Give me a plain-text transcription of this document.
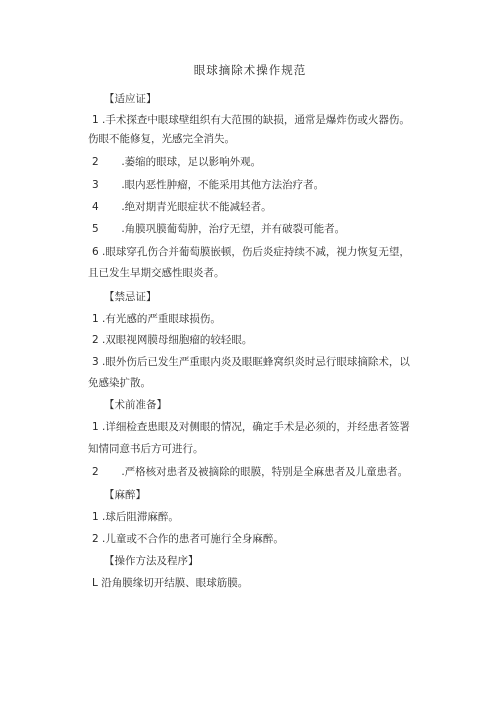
眼球摘除术操作规范
【适应证】
1 .手术探查中眼球壁组织有大范围的缺损，通常是爆炸伤或火器伤。
伤眼不能修复，光感完全消失。
2 .萎缩的眼球，足以影响外观。
3 .眼内恶性肿瘤，不能采用其他方法治疗者。
4 .绝对期青光眼症状不能减轻者。
5 .角膜巩膜葡萄肿，治疗无望，并有破裂可能者。
6 .眼球穿孔伤合并葡萄膜嵌顿，伤后炎症持续不减，视力恢复无望，
且已发生早期交感性眼炎者。
【禁忌证】
1 .有光感的严重眼球损伤。
2 .双眼视网膜母细胞瘤的较轻眼。
3 .眼外伤后已发生严重眼内炎及眼眶蜂窝织炎时忌行眼球摘除术，以
免感染扩散。
【术前准备】
1 .详细检查患眼及对侧眼的情况，确定手术是必须的，并经患者签署
知情同意书后方可进行。
2 .严格核对患者及被摘除的眼膜，特别是全麻患者及儿童患者。
【麻醉】
1 .球后阻滞麻醉。
2 .儿童或不合作的患者可施行全身麻醉。
【操作方法及程序】
L 沿角膜缘切开结膜、眼球筋膜。
